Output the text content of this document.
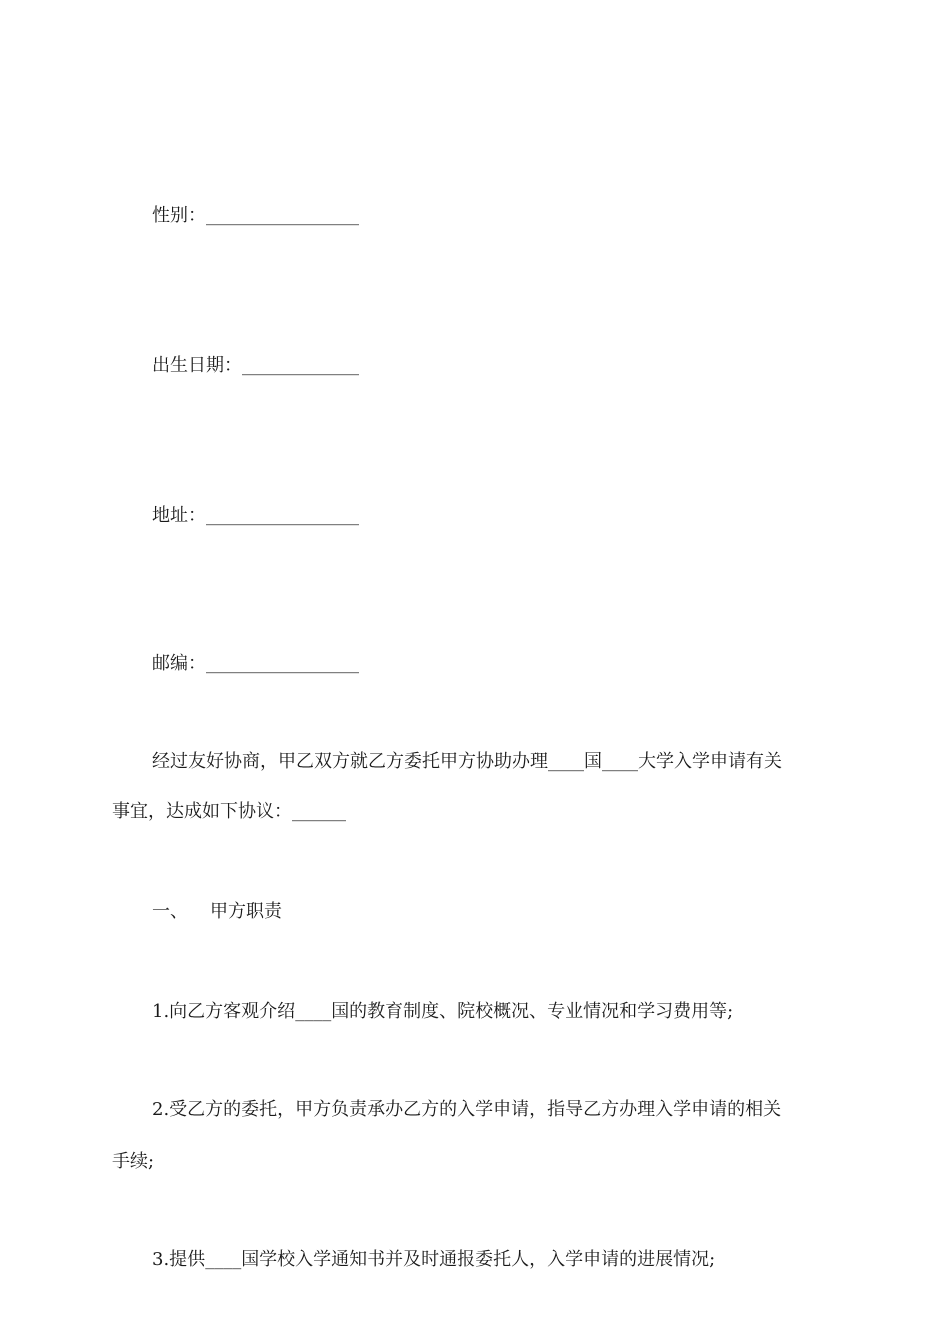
性别：_________________
出生日期：_____________
地址：_________________
邮编：_________________
经过友好协商，甲乙双方就乙方委托甲方协助办理____国____大学入学申请有关
事宜，达成如下协议：______
一、 甲方职责
1.向乙方客观介绍____国的教育制度、院校概况、专业情况和学习费用等;
2.受乙方的委托，甲方负责承办乙方的入学申请，指导乙方办理入学申请的相关
手续;
3.提供____国学校入学通知书并及时通报委托人，入学申请的进展情况;
